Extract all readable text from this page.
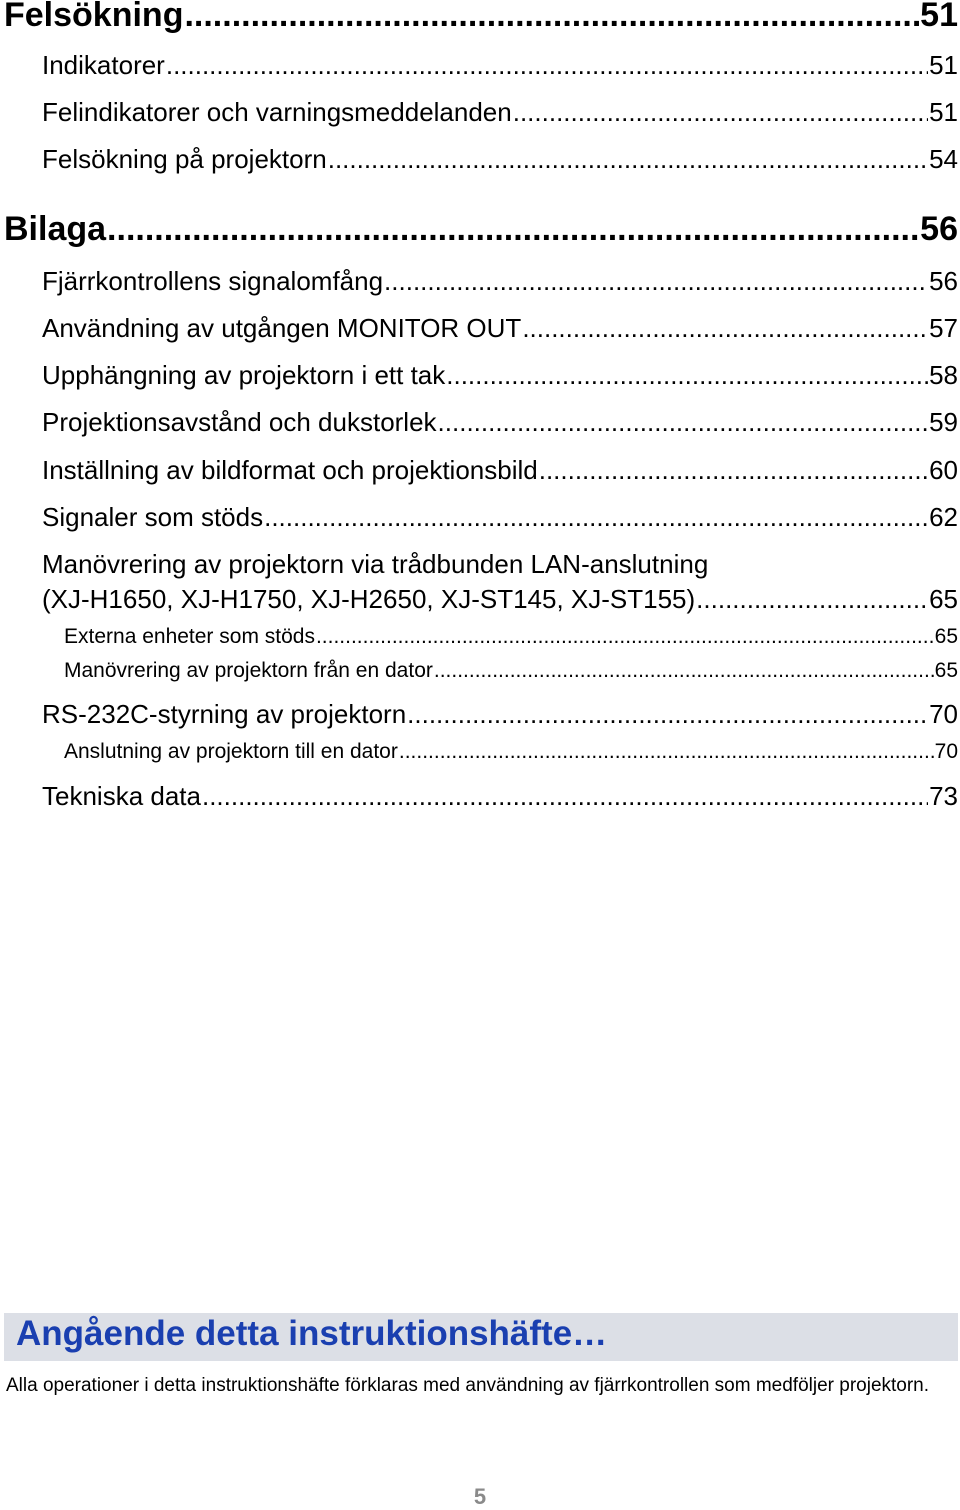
Felsökning .....	51
Indikatorer .....	51
Felindikatorer och varningsmeddelanden .....	51
Felsökning på projektorn .....	54
Bilaga .....	56
Fjärrkontrollens signalomfång .....	56
Användning av utgången MONITOR OUT .....	57
Upphängning av projektorn i ett tak .....	58
Projektionsavstånd och dukstorlek .....	59
Inställning av bildformat och projektionsbild .....	60
Signaler som stöds .....	62
Manövrering av projektorn via trådbunden LAN-anslutning
(XJ-H1650, XJ-H1750, XJ-H2650, XJ-ST145, XJ-ST155) .....	65
Externa enheter som stöds .....	65
Manövrering av projektorn från en dator .....	65
RS-232C-styrning av projektorn .....	70
Anslutning av projektorn till en dator .....	70
Tekniska data .....	73
Angående detta instruktionshäfte…
Alla operationer i detta instruktionshäfte förklaras med användning av fjärrkontrollen som medföljer projektorn.
5
